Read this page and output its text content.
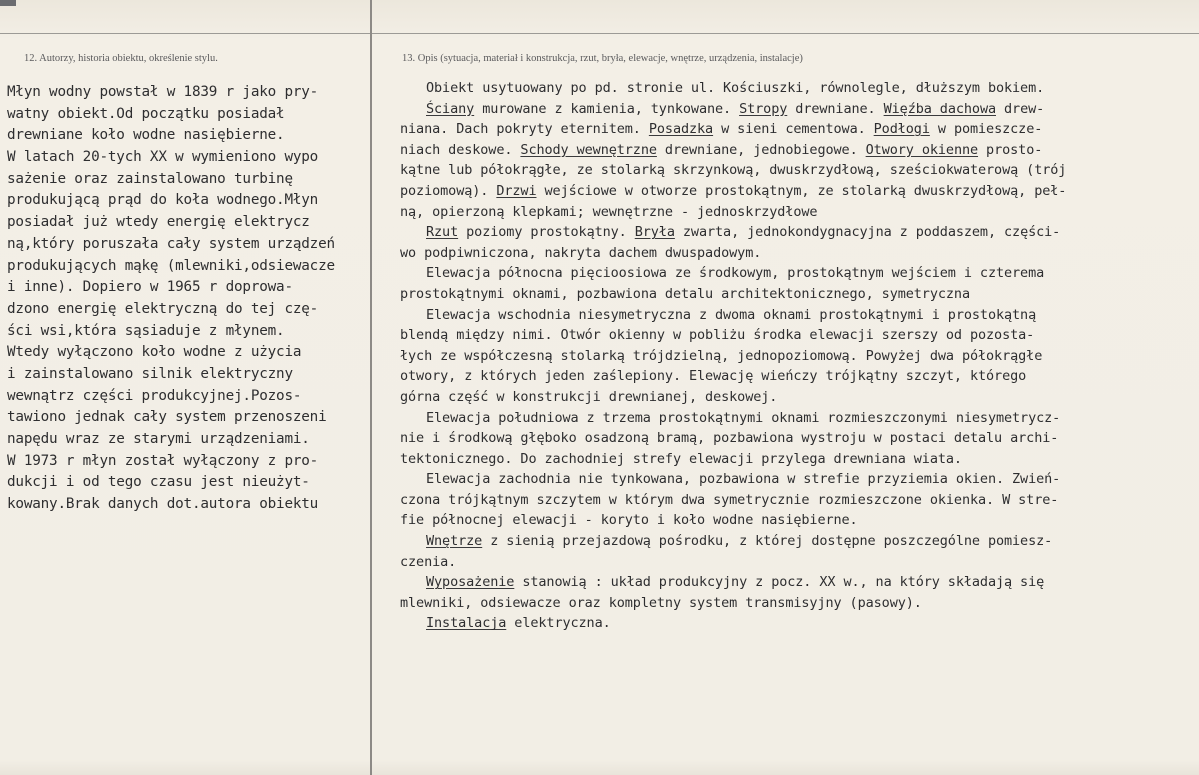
12. Autorzy, historia obiektu, określenie stylu.	13. Opis (sytuacja, materiał i konstrukcja, rzut, bryła, elewacje, wnętrze, urządzenia, instalacje)
Młyn wodny powstał w 1839 r jako pry-
watny obiekt.Od początku posiadał
drewniane koło wodne nasiębierne.
W latach 20-tych XX w wymieniono wypo
sażenie oraz zainstalowano turbinę
produkującą prąd do koła wodnego.Młyn
posiadał już wtedy energię elektrycz
ną,który poruszała cały system urządzeń
produkujących mąkę (mlewniki,odsiewacze
i inne). Dopiero w 1965 r doprowa-
dzono energię elektryczną do tej czę-
ści wsi,która sąsiaduje z młynem.
Wtedy wyłączono koło wodne z użycia
i zainstalowano silnik elektryczny
wewnątrz części produkcyjnej.Pozos-
tawiono jednak cały system przenoszeni
napędu wraz ze starymi urządzeniami.
W 1973 r młyn został wyłączony z pro-
dukcji i od tego czasu jest nieużyt-
kowany.Brak danych dot.autora obiektu
Obiekt usytuowany po pd. stronie ul. Kościuszki, równolegle, dłuższym bokiem.
Ściany murowane z kamienia, tynkowane. Stropy drewniane. Więźba dachowa drew-
niana. Dach pokryty eternitem. Posadzka w sieni cementowa. Podłogi w pomieszcze-
niach deskowe. Schody wewnętrzne drewniane, jednobiegowe. Otwory okienne prosto-
kątne lub półokrągłe, ze stolarką skrzynkową, dwuskrzydłową, sześciokwaterową (trój
poziomową). Drzwi wejściowe w otworze prostokątnym, ze stolarką dwuskrzydłową, peł-
ną, opierzoną klepkami; wewnętrzne - jednoskrzydłowe
Rzut poziomy prostokątny. Bryła zwarta, jednokondygnacyjna z poddaszem, części-
wo podpiwniczona, nakryta dachem dwuspadowym.
Elewacja północna pięcioosiowa ze środkowym, prostokątnym wejściem i czterema
prostokątnymi oknami, pozbawiona detalu architektonicznego, symetryczna
Elewacja wschodnia niesymetryczna z dwoma oknami prostokątnymi i prostokątną
blendą między nimi. Otwór okienny w pobliżu środka elewacji szerszy od pozosta-
łych ze współczesną stolarką trójdzielną, jednopoziomową. Powyżej dwa półokrągłe
otwory, z których jeden zaślepiony. Elewację wieńczy trójkątny szczyt, którego
górna część w konstrukcji drewnianej, deskowej.
Elewacja południowa z trzema prostokątnymi oknami rozmieszczonymi niesymetrycz-
nie i środkową głęboko osadzoną bramą, pozbawiona wystroju w postaci detalu archi-
tektonicznego. Do zachodniej strefy elewacji przylega drewniana wiata.
Elewacja zachodnia nie tynkowana, pozbawiona w strefie przyziemia okien. Zwień-
czona trójkątnym szczytem w którym dwa symetrycznie rozmieszczone okienka. W stre-
fie północnej elewacji - koryto i koło wodne nasiębierne.
Wnętrze z sienią przejazdową pośrodku, z której dostępne poszczególne pomiesz-
czenia.
Wyposażenie stanowią : układ produkcyjny z pocz. XX w., na który składają się
mlewniki, odsiewacze oraz kompletny system transmisyjny (pasowy).
Instalacja elektryczna.
